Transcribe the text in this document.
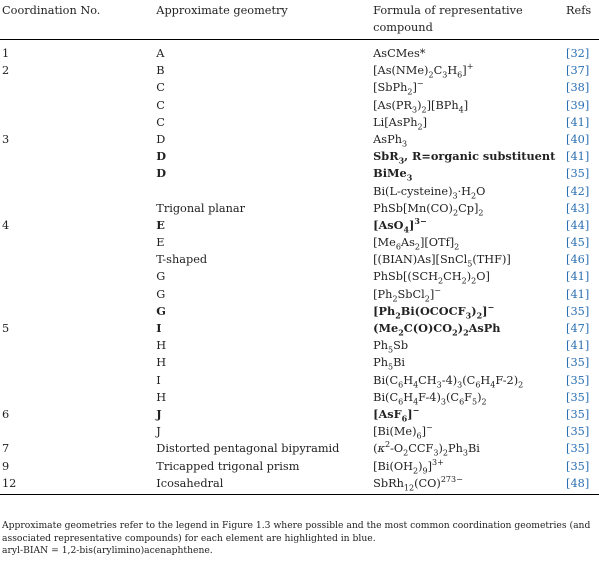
Coordination No.	Approximate geometry	Formula of representative compound	Refs
1	A	AsCMes*	[32]
2	B	$[As(NMe)_2C_3H_6]^+$	[37]
	C	[SbPh$_2$]−	[38]
	C	$[As(PR_3)_2][BPh_4]$	[39]
	C	Li[AsPh$_2$]	[41]
3	D	AsPh$_3$	[40]
	D	SbR$_3$, R=organic substituent	[41]
	D	BiMe$_3$	[35]
		$Bi(L-cysteine)_3\cdot H_2O$	[42]
	Trigonal planar	$PhSb[Mn(CO)_2Cp]_2$	[43]
4	E	$[AsO_4]^{3-}$	[44]
	E	$[Me_6As_2][OTf]_2$	[45]
	T-shaped	[(BIAN)As][SnCl$_5$(THF)]	[46]
	G	$PhSb[(SCH_2CH_2)_2O]$	[41]
	G	$[Ph_2SbCl_2]^-$	[41]
	G	$[Ph_2Bi(OCOCF_3)_2]^-$	[35]
5	I	$(Me_2C(O)CO_2)_2AsPh$	[47]
	H	$Ph_5Sb$	[41]
	H	$Ph_5Bi$	[35]
	I	$Bi(C_6H_4CH_3-4)_3(C_6H_4F-2)_2$	[35]
	H	$Bi(C_6H_4F-4)_3(C_6F_5)_2$	[35]
6	J	[AsF$_6$]−	[35]
	J	$[Bi(Me)_6]^-$	[35]
7	Distorted pentagonal bipyramid	$(\kappa^2-O_2CCF_3)_2Ph_3Bi$	[35]
9	Tricapped trigonal prism	$[Bi(OH_2)_9]^{3+}$	[35]
12	Icosahedral	SbRh$_{12}$(CO)$^{273-}$	[48]
Approximate geometries refer to the legend in Figure 1.3 where possible and the most common coordination geometries (and associated representative compounds) for each element are highlighted in blue.
aryl-BIAN = 1,2-bis(arylimino)acenaphthene.
